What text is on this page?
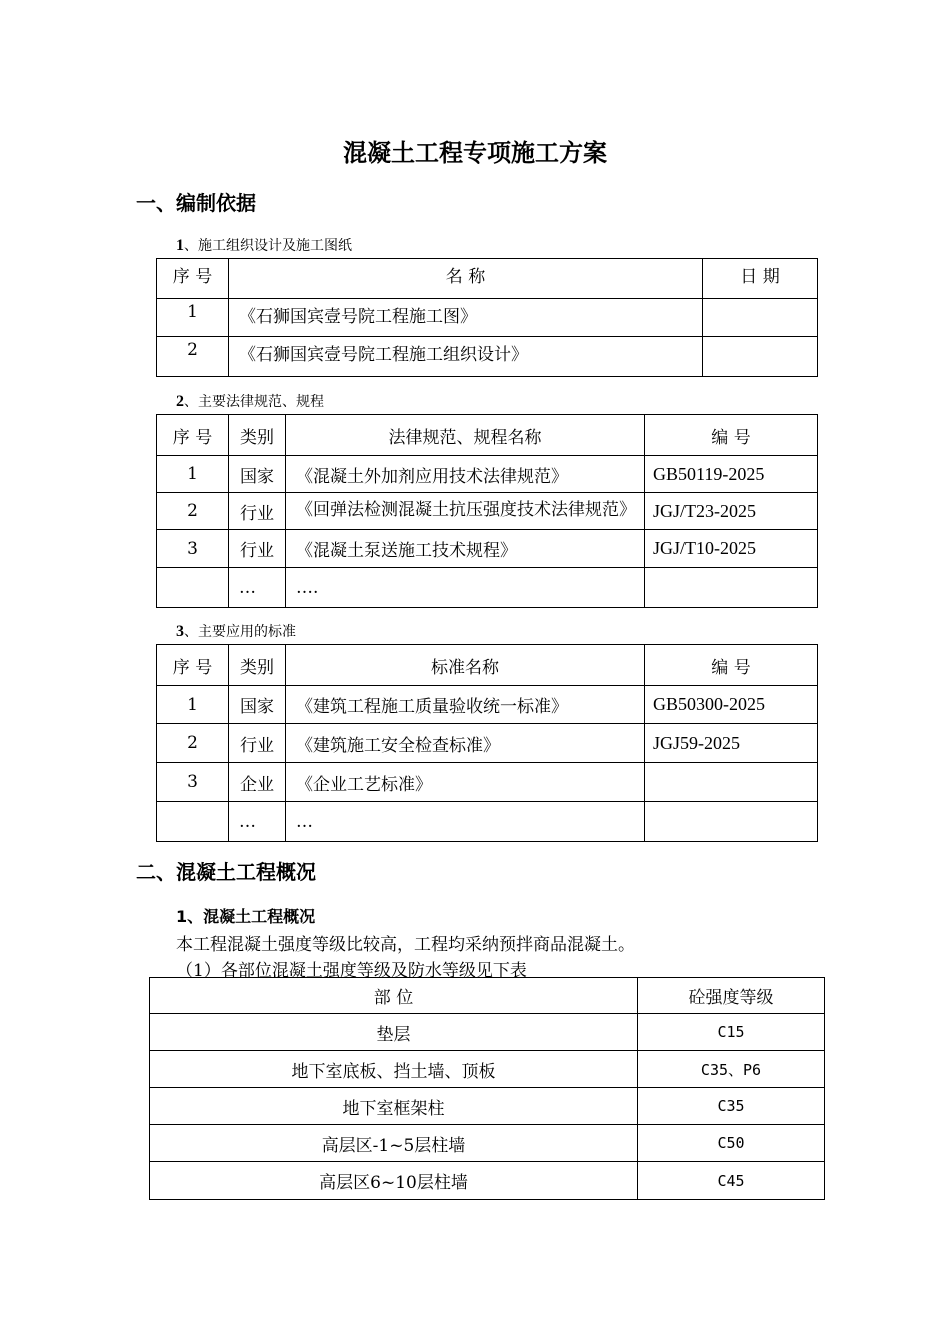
混凝土工程专项施工方案
一、编制依据
1、施工组织设计及施工图纸
序 号	名 称	日 期
1	《石狮国宾壹号院工程施工图》	
2	《石狮国宾壹号院工程施工组织设计》	
2、主要法律规范、规程
序 号	类别	法律规范、规程名称	编 号
1	国家	《混凝土外加剂应用技术法律规范》	GB50119-2025
2	行业	《回弹法检测混凝土抗压强度技术法律规范》	JGJ/T23-2025
3	行业	《混凝土泵送施工技术规程》	JGJ/T10-2025
	…	….	
3、主要应用的标准
序 号	类别	标准名称	编 号
1	国家	《建筑工程施工质量验收统一标准》	GB50300-2025
2	行业	《建筑施工安全检查标准》	JGJ59-2025
3	企业	《企业工艺标准》	
	…	…	
二、混凝土工程概况
1、混凝土工程概况
本工程混凝土强度等级比较高，工程均采纳预拌商品混凝土。
（1）各部位混凝土强度等级及防水等级见下表
部 位	砼强度等级
垫层	C15
地下室底板、挡土墙、顶板	C35、P6
地下室框架柱	C35
高层区-1~5层柱墙	C50
高层区6~10层柱墙	C45
